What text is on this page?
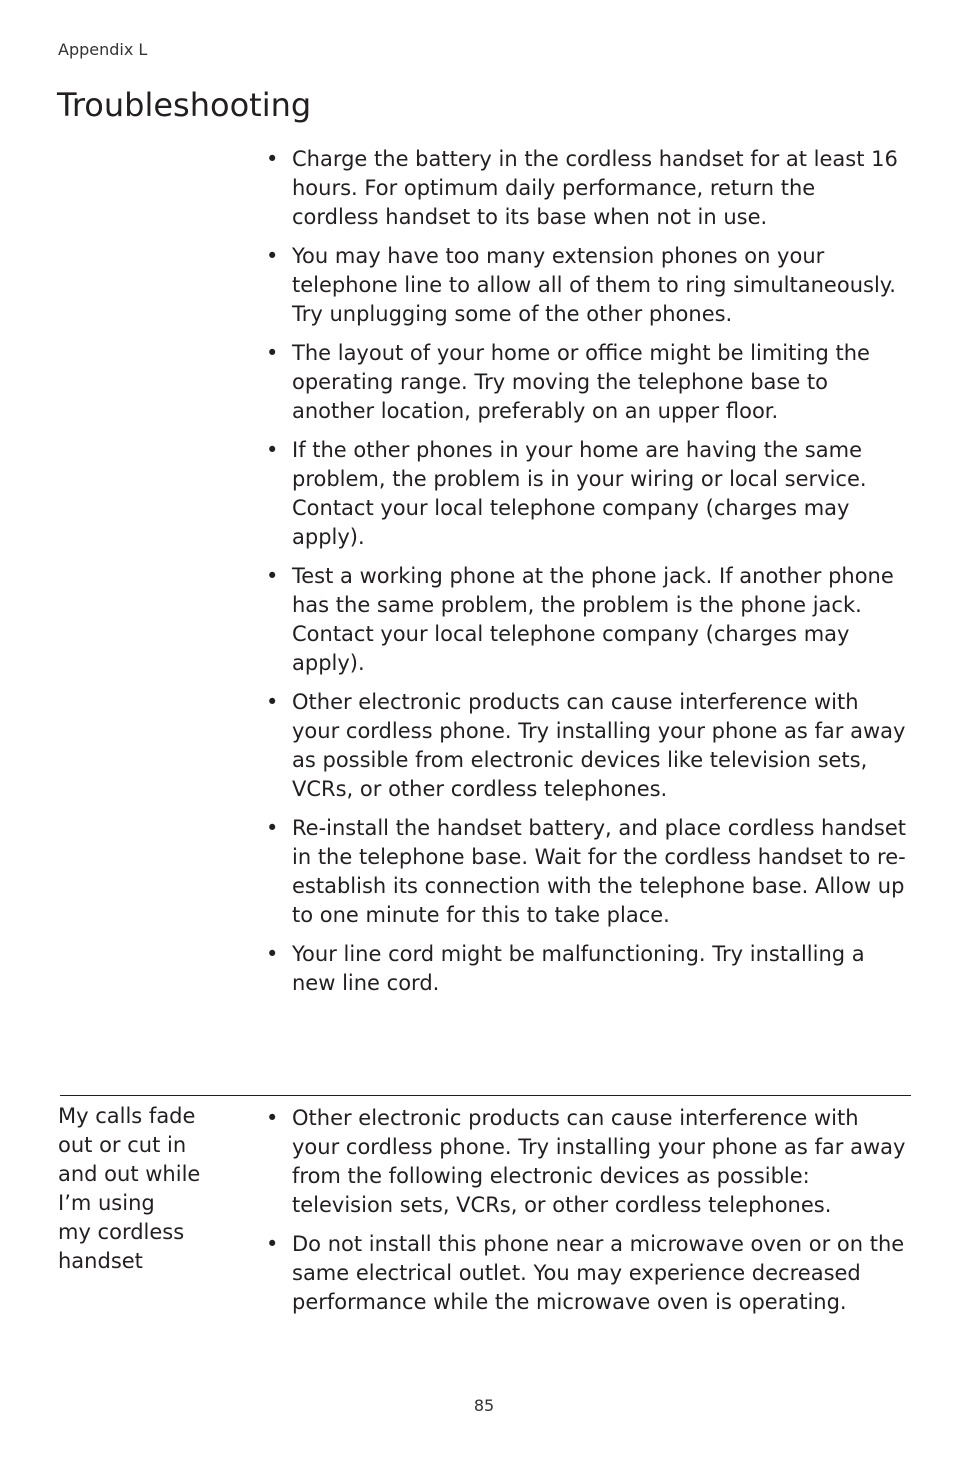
Appendix L
Troubleshooting
• Charge the battery in the cordless handset for at least 16 hours. For optimum daily performance, return the cordless handset to its base when not in use.
• You may have too many extension phones on your telephone line to allow all of them to ring simultaneously. Try unplugging some of the other phones.
• The layout of your home or office might be limiting the operating range. Try moving the telephone base to another location, preferably on an upper floor.
• If the other phones in your home are having the same problem, the problem is in your wiring or local service. Contact your local telephone company (charges may apply).
• Test a working phone at the phone jack. If another phone has the same problem, the problem is the phone jack. Contact your local telephone company (charges may apply).
• Other electronic products can cause interference with your cordless phone. Try installing your phone as far away as possible from electronic devices like television sets, VCRs, or other cordless telephones.
• Re-install the handset battery, and place cordless handset in the telephone base. Wait for the cordless handset to re-establish its connection with the telephone base. Allow up to one minute for this to take place.
• Your line cord might be malfunctioning. Try installing a new line cord.
My calls fade
out or cut in
and out while
I’m using
my cordless
handset
• Other electronic products can cause interference with your cordless phone. Try installing your phone as far away from the following electronic devices as possible: television sets, VCRs, or other cordless telephones.
• Do not install this phone near a microwave oven or on the same electrical outlet. You may experience decreased performance while the microwave oven is operating.
85
